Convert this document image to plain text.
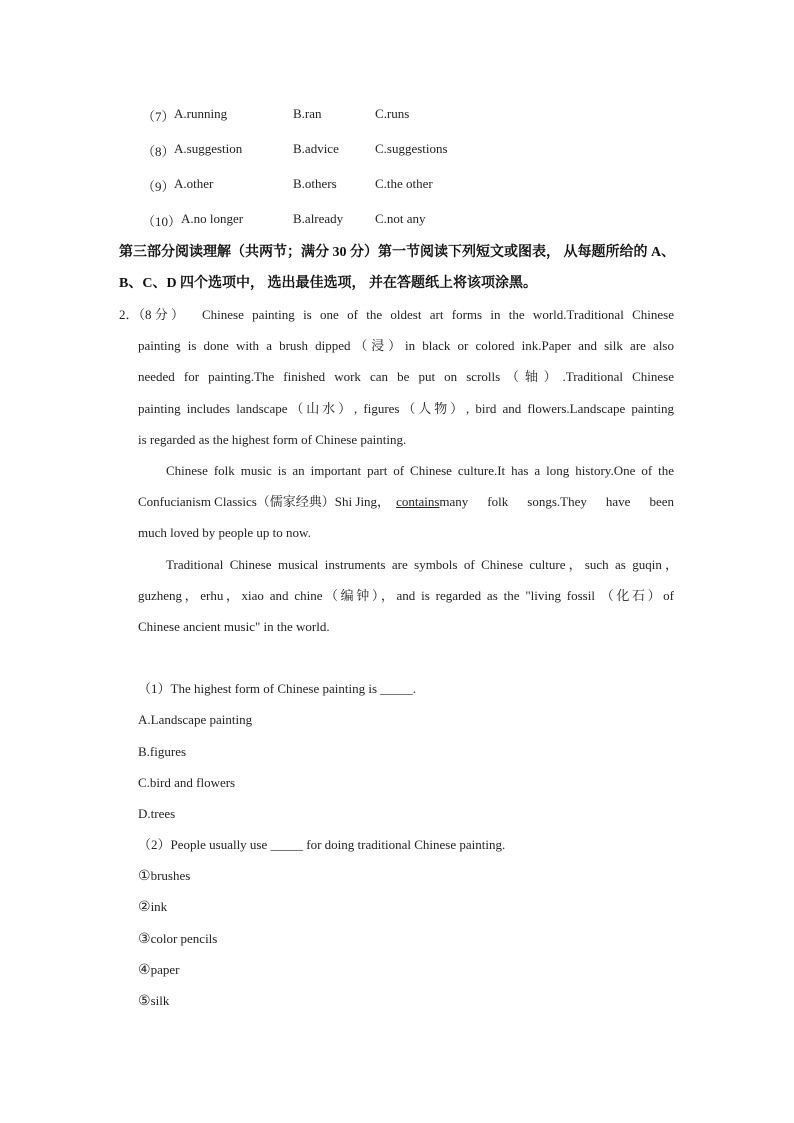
（7） A.running	B.ran	C.runs
（8） A.suggestion	B.advice	C.suggestions
（9） A.other	B.others	C.the other
（10） A.no longer	B.already C.not any
第三部分阅读理解（共两节；满分 30 分）第一节阅读下列短文或图表， 从每题所给的 A、
B、C、D 四个选项中， 选出最佳选项， 并在答题纸上将该项涂黑。
2．（8 分 ） Chinese painting is one of the oldest art forms in the world.Traditional Chinese
painting is done with a brush dipped（浸）in black or colored ink.Paper and silk are also
needed for painting.The finished work can be put on scrolls（轴）.Traditional Chinese
painting includes landscape（山水）, figures（人物）, bird and flowers.Landscape painting
is regarded as the highest form of Chinese painting.
Chinese folk music is an important part of Chinese culture.It has a long history.One of the
Confucianism Classics（儒家经典）Shi Jing， contains many folk songs.They have been
much loved by people up to now.
Traditional Chinese musical instruments are symbols of Chinese culture，such as guqin，
guzheng，erhu，xiao and chine（编钟），and is regarded as the "living fossil （化石）of
Chinese ancient music" in the world.
（1）The highest form of Chinese painting is _____.
A.Landscape painting
B.figures
C.bird and flowers
D.trees
（2）People usually use _____ for doing traditional Chinese painting.
①brushes
②ink
③color pencils
④paper
⑤silk
